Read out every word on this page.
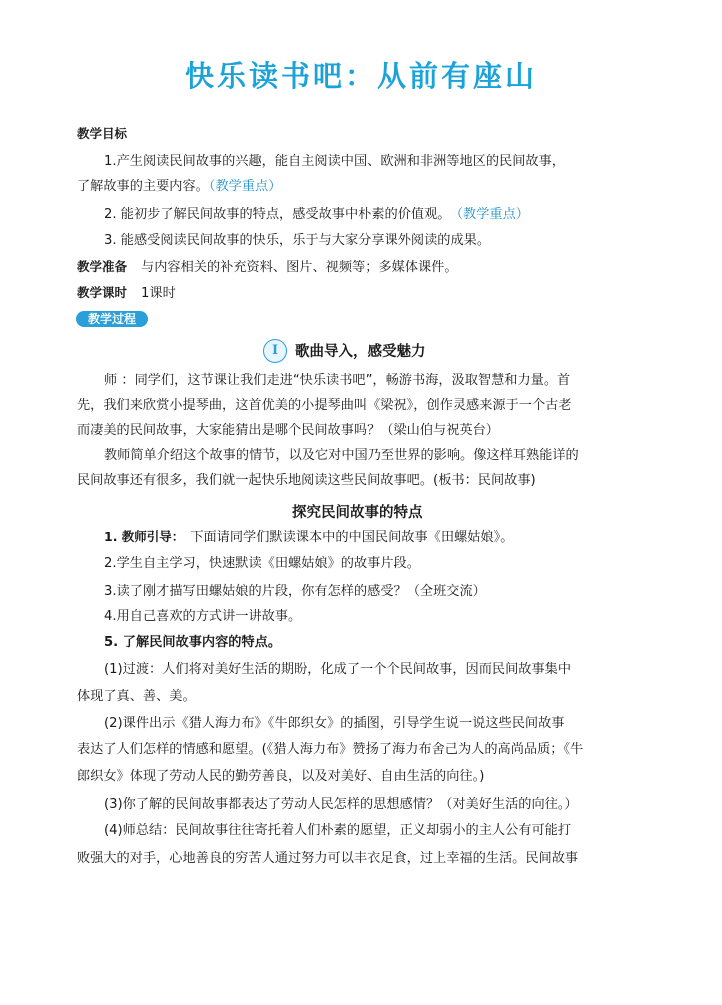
快乐读书吧：从前有座山
教学目标
1.产生阅读民间故事的兴趣，能自主阅读中国、欧洲和非洲等地区的民间故事，
了解故事的主要内容。（教学重点）
2. 能初步了解民间故事的特点，感受故事中朴素的价值观。 （教学重点）
3. 能感受阅读民间故事的快乐，乐于与大家分享课外阅读的成果。
教学准备 与内容相关的补充资料、图片、视频等；多媒体课件。
教学课时 1课时
教学过程
I	歌曲导入，感受魅力
师 ：同学们，这节课让我们走进“快乐读书吧”，畅游书海，汲取智慧和力量。首
先，我们来欣赏小提琴曲，这首优美的小提琴曲叫《梁祝》，创作灵感来源于一个古老
而凄美的民间故事，大家能猜出是哪个民间故事吗？（梁山伯与祝英台）
教师简单介绍这个故事的情节，以及它对中国乃至世界的影响。像这样耳熟能详的
民间故事还有很多，我们就一起快乐地阅读这些民间故事吧。(板书：民间故事)
探究民间故事的特点
1. 教师引导： 下面请同学们默读课本中的中国民间故事《田螺姑娘》。
2.学生自主学习，快速默读《田螺姑娘》的故事片段。
3.读了刚才描写田螺姑娘的片段，你有怎样的感受？（全班交流）
4.用自己喜欢的方式讲一讲故事。
5. 了解民间故事内容的特点。
(1)过渡：人们将对美好生活的期盼，化成了一个个民间故事，因而民间故事集中
体现了真、善、美。
(2)课件出示《猎人海力布》《牛郎织女》的插图，引导学生说一说这些民间故事
表达了人们怎样的情感和愿望。(《猎人海力布》赞扬了海力布舍己为人的高尚品质；《牛
郎织女》体现了劳动人民的勤劳善良，以及对美好、自由生活的向往。)
(3)你了解的民间故事都表达了劳动人民怎样的思想感情？（对美好生活的向往。）
(4)师总结：民间故事往往寄托着人们朴素的愿望，正义却弱小的主人公有可能打
败强大的对手，心地善良的穷苦人通过努力可以丰衣足食，过上幸福的生活。民间故事
